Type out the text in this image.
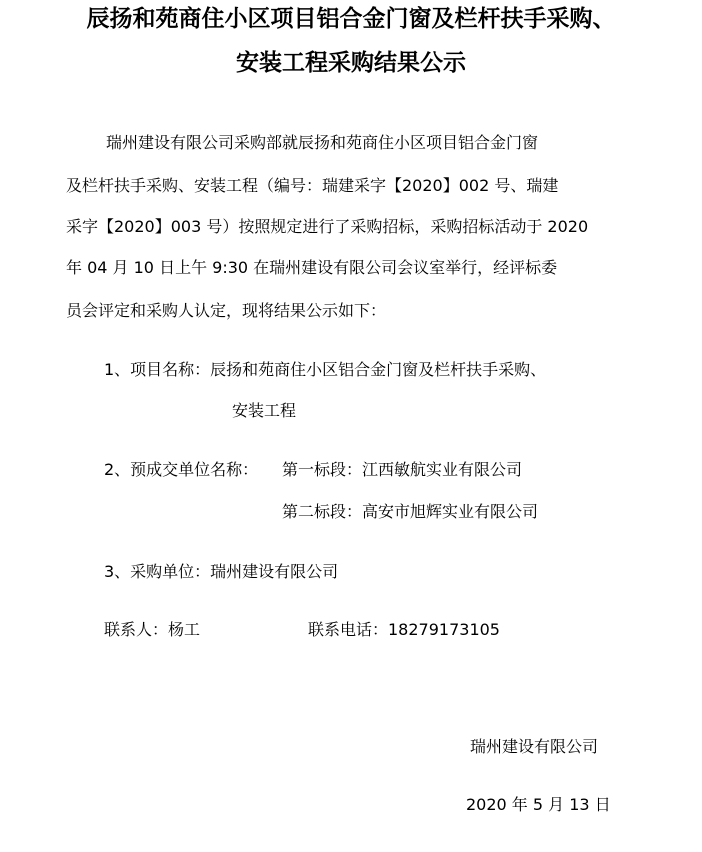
辰扬和苑商住小区项目铝合金门窗及栏杆扶手采购、
安装工程采购结果公示
瑞州建设有限公司采购部就辰扬和苑商住小区项目铝合金门窗
及栏杆扶手采购、安装工程（编号：瑞建采字【2020】002 号、瑞建
采字【2020】003 号）按照规定进行了采购招标，采购招标活动于 2020
年 04 月 10 日上午 9:30 在瑞州建设有限公司会议室举行，经评标委
员会评定和采购人认定，现将结果公示如下：
1、项目名称：辰扬和苑商住小区铝合金门窗及栏杆扶手采购、
安装工程
2、预成交单位名称： 第一标段：江西敏航实业有限公司
第二标段：高安市旭辉实业有限公司
3、采购单位：瑞州建设有限公司
联系人：杨工	联系电话：18279173105
瑞州建设有限公司
2020 年 5 月 13 日
